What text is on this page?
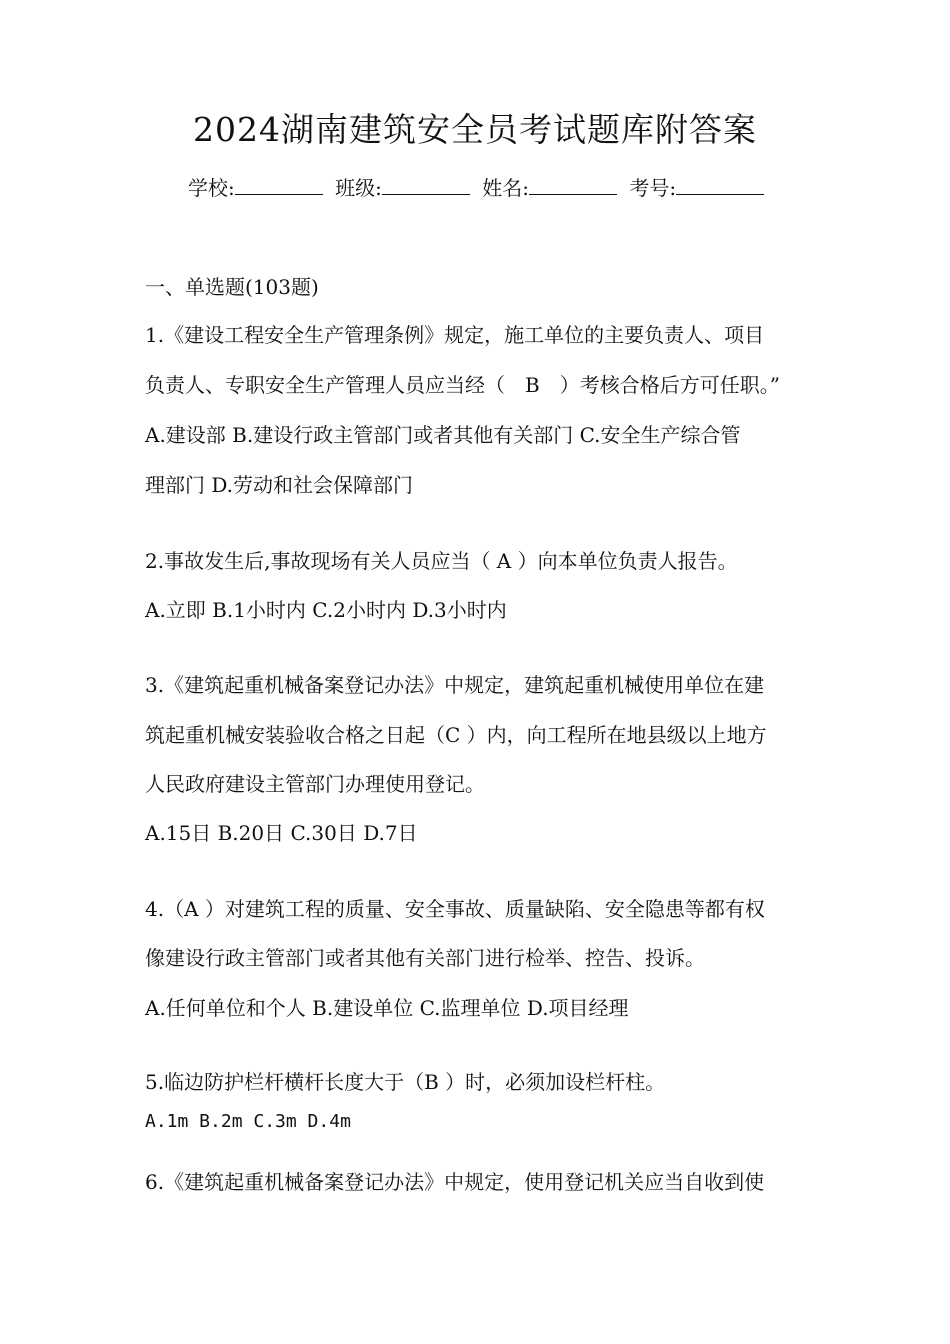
2024湖南建筑安全员考试题库附答案
学校:	班级:	姓名:	考号:
一、单选题(103题)
1.《建设工程安全生产管理条例》规定，施工单位的主要负责人、项目
负责人、专职安全生产管理人员应当经（　B　）考核合格后方可任职。”
A.建设部 B.建设行政主管部门或者其他有关部门 C.安全生产综合管
理部门 D.劳动和社会保障部门
2.事故发生后,事故现场有关人员应当（ A ）向本单位负责人报告。
A.立即 B.1小时内 C.2小时内 D.3小时内
3.《建筑起重机械备案登记办法》中规定，建筑起重机械使用单位在建
筑起重机械安装验收合格之日起（C ）内，向工程所在地县级以上地方
人民政府建设主管部门办理使用登记。
A.15日 B.20日 C.30日 D.7日
4.（A ）对建筑工程的质量、安全事故、质量缺陷、安全隐患等都有权
像建设行政主管部门或者其他有关部门进行检举、控告、投诉。
A.任何单位和个人 B.建设单位 C.监理单位 D.项目经理
5.临边防护栏杆横杆长度大于（B ）时，必须加设栏杆柱。
A.1m B.2m C.3m D.4m
6.《建筑起重机械备案登记办法》中规定，使用登记机关应当自收到使
